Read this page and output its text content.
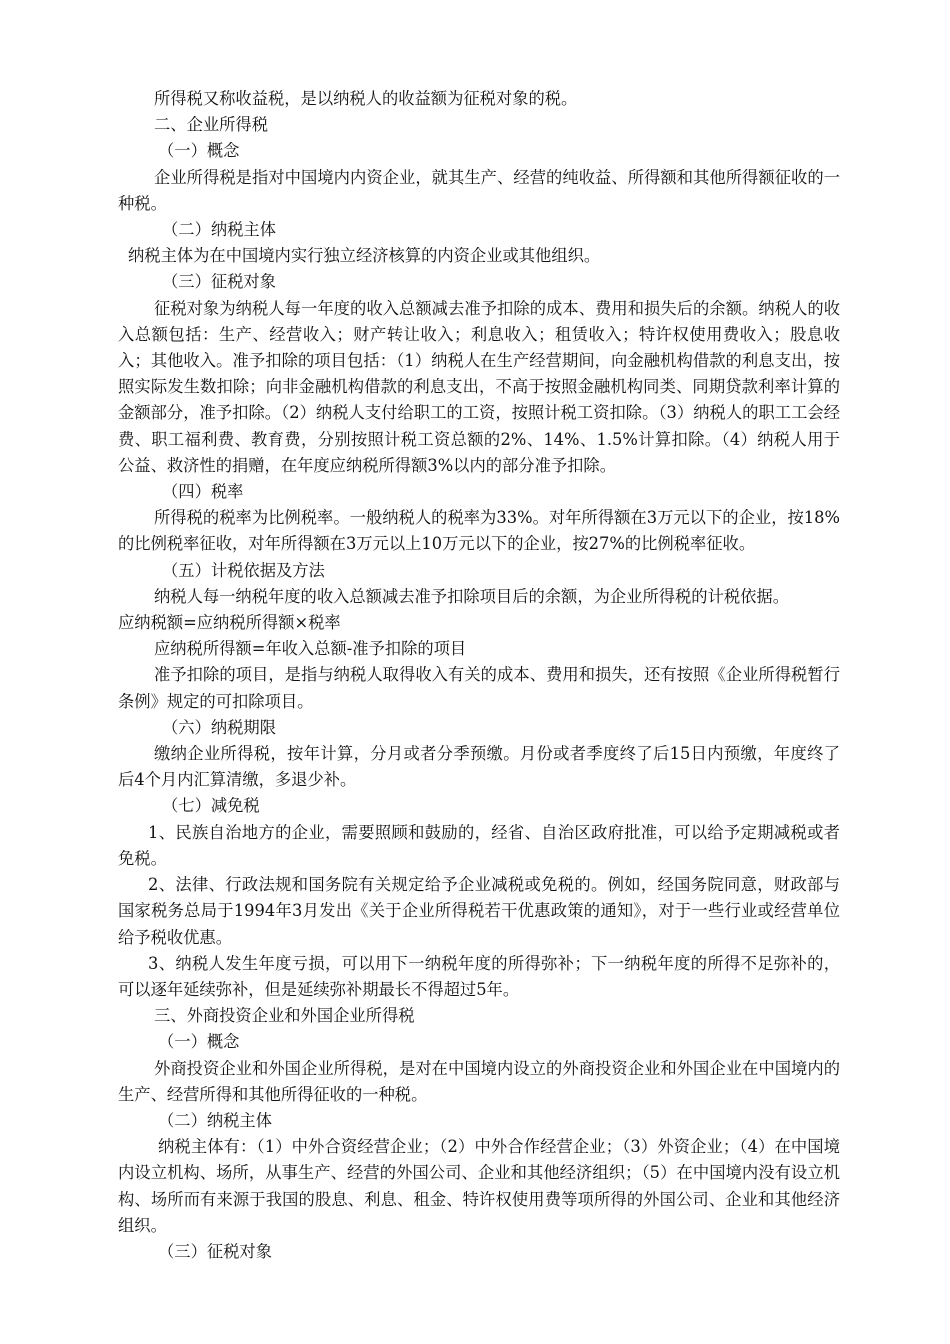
所得税又称收益税，是以纳税人的收益额为征税对象的税。

二、企业所得税

（一）概念

企业所得税是指对中国境内内资企业，就其生产、经营的纯收益、所得额和其他所得额征收的一种税。

（二）纳税主体

纳税主体为在中国境内实行独立经济核算的内资企业或其他组织。

（三）征税对象

征税对象为纳税人每一年度的收入总额减去准予扣除的成本、费用和损失后的余额。纳税人的收入总额包括：生产、经营收入；财产转让收入；利息收入；租赁收入；特许权使用费收入；股息收入；其他收入。准予扣除的项目包括：（1）纳税人在生产经营期间，向金融机构借款的利息支出，按照实际发生数扣除；向非金融机构借款的利息支出，不高于按照金融机构同类、同期贷款利率计算的金额部分，准予扣除。（2）纳税人支付给职工的工资，按照计税工资扣除。（3）纳税人的职工工会经费、职工福利费、教育费，分别按照计税工资总额的2%、14%、1.5%计算扣除。（4）纳税人用于公益、救济性的捐赠，在年度应纳税所得额3%以内的部分准予扣除。

（四）税率

所得税的税率为比例税率。一般纳税人的税率为33%。对年所得额在3万元以下的企业，按18%的比例税率征收，对年所得额在3万元以上10万元以下的企业，按27%的比例税率征收。

（五）计税依据及方法

纳税人每一纳税年度的收入总额减去准予扣除项目后的余额，为企业所得税的计税依据。

应纳税额=应纳税所得额×税率

应纳税所得额=年收入总额-准予扣除的项目

准予扣除的项目，是指与纳税人取得收入有关的成本、费用和损失，还有按照《企业所得税暂行条例》规定的可扣除项目。

（六）纳税期限

缴纳企业所得税，按年计算，分月或者分季预缴。月份或者季度终了后15日内预缴，年度终了后4个月内汇算清缴，多退少补。

（七）减免税

1、民族自治地方的企业，需要照顾和鼓励的，经省、自治区政府批准，可以给予定期减税或者免税。

2、法律、行政法规和国务院有关规定给予企业减税或免税的。例如，经国务院同意，财政部与国家税务总局于1994年3月发出《关于企业所得税若干优惠政策的通知》，对于一些行业或经营单位给予税收优惠。

3、纳税人发生年度亏损，可以用下一纳税年度的所得弥补；下一纳税年度的所得不足弥补的，可以逐年延续弥补，但是延续弥补期最长不得超过5年。

三、外商投资企业和外国企业所得税

（一）概念

外商投资企业和外国企业所得税，是对在中国境内设立的外商投资企业和外国企业在中国境内的生产、经营所得和其他所得征收的一种税。

（二）纳税主体

纳税主体有：（1）中外合资经营企业；（2）中外合作经营企业；（3）外资企业；（4）在中国境内设立机构、场所，从事生产、经营的外国公司、企业和其他经济组织；（5）在中国境内没有设立机构、场所而有来源于我国的股息、利息、租金、特许权使用费等项所得的外国公司、企业和其他经济组织。

（三）征税对象
